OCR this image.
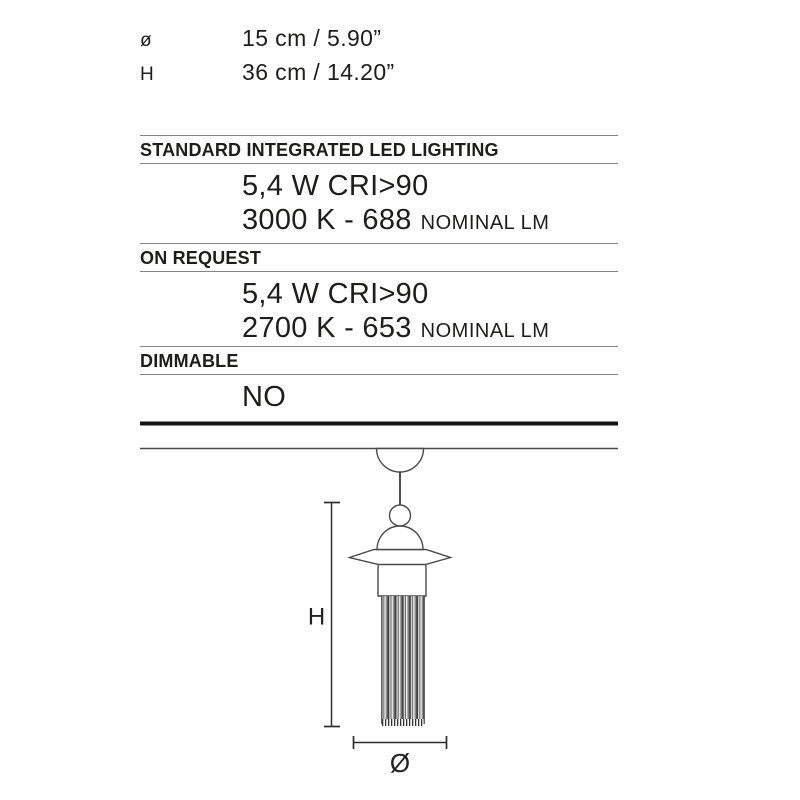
ø	15 cm / 5.90”
H	36 cm / 14.20”
STANDARD INTEGRATED LED LIGHTING
5,4 W CRI>90
3000 K - 688 NOMINAL LM
ON REQUEST
5,4 W CRI>90
2700 K - 653 NOMINAL LM
DIMMABLE
NO
H
Ø
